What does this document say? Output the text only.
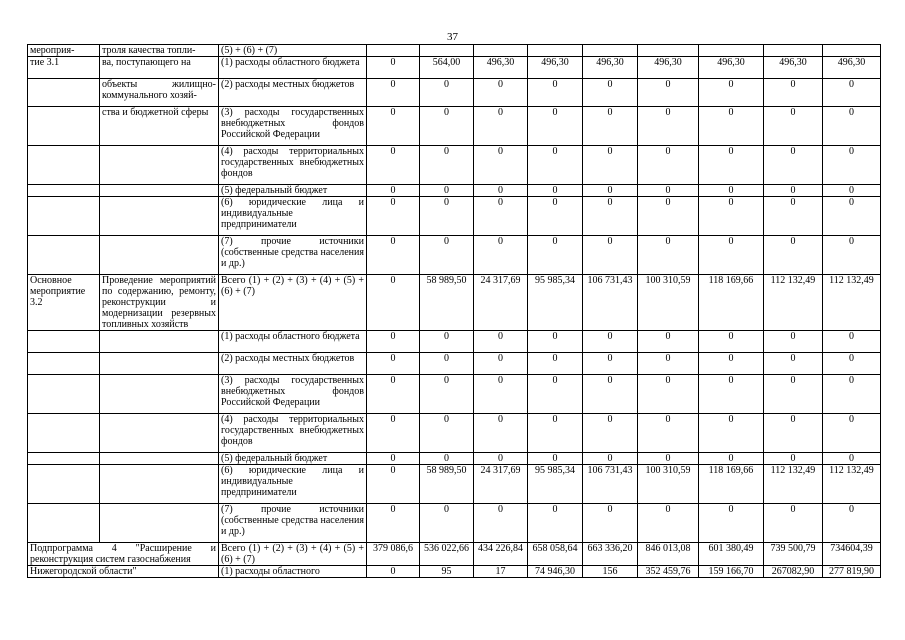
37
мероприя-	троля качества топли-	(5) + (6) + (7)									
тие 3.1	ва, поступающего на	(1) расходы областного бюджета	0	564,00	496,30	496,30	496,30	496,30	496,30	496,30	496,30
	объекты жилищно-коммунального хозяй-	(2) расходы местных бюджетов	0	0	0	0	0	0	0	0	0
	ства и бюджетной сферы	(3) расходы государственных внебюджетных фондов Российской Федерации	0	0	0	0	0	0	0	0	0
		(4) расходы территориальных государственных внебюджетных фондов	0	0	0	0	0	0	0	0	0
		(5) федеральный бюджет	0	0	0	0	0	0	0	0	0
		(6) юридические лица и индивидуальные предприниматели	0	0	0	0	0	0	0	0	0
		(7) прочие источники (собственные средства населения и др.)	0	0	0	0	0	0	0	0	0
Основное мероприятие 3.2	Проведение мероприятий по содержанию, ремонту, реконструкции и модернизации резервных топливных хозяйств	Всего (1) + (2) + (3) + (4) + (5) + (6) + (7)	0	58 989,50	24 317,69	95 985,34	106 731,43	100 310,59	118 169,66	112 132,49	112 132,49
		(1) расходы областного бюджета	0	0	0	0	0	0	0	0	0
		(2) расходы местных бюджетов	0	0	0	0	0	0	0	0	0
		(3) расходы государственных внебюджетных фондов Российской Федерации	0	0	0	0	0	0	0	0	0
		(4) расходы территориальных государственных внебюджетных фондов	0	0	0	0	0	0	0	0	0
		(5) федеральный бюджет	0	0	0	0	0	0	0	0	0
		(6) юридические лица и индивидуальные предприниматели	0	58 989,50	24 317,69	95 985,34	106 731,43	100 310,59	118 169,66	112 132,49	112 132,49
		(7) прочие источники (собственные средства населения и др.)	0	0	0	0	0	0	0	0	0
Подпрограмма 4 "Расширение и реконструкция систем газоснабжения		Всего (1) + (2) + (3) + (4) + (5) + (6) + (7)	379 086,6	536 022,66	434 226,84	658 058,64	663 336,20	846 013,08	601 380,49	739 500,79	734604,39
Нижегородской области"		(1) расходы областного	0	95	17	74 946,30	156	352 459,76	159 166,70	267082,90	277 819,90
